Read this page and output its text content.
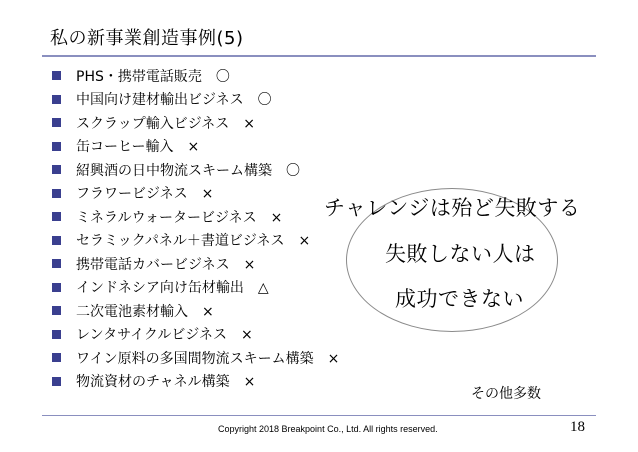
私の新事業創造事例(5)
PHS・携帯電話販売　〇
中国向け建材輸出ビジネス　〇
スクラップ輸入ビジネス　×
缶コーヒー輸入　×
紹興酒の日中物流スキーム構築　〇
フラワービジネス　×
ミネラルウォータービジネス　×
セラミックパネル＋書道ビジネス　×
携帯電話カバービジネス　×
インドネシア向け缶材輸出　△
二次電池素材輸入　×
レンタサイクルビジネス　×
ワイン原料の多国間物流スキーム構築　×
物流資材のチャネル構築　×
チャレンジは殆ど失敗する
失敗しない人は
成功できない
その他多数
Copyright 2018 Breakpoint Co., Ltd. All rights reserved.	18
